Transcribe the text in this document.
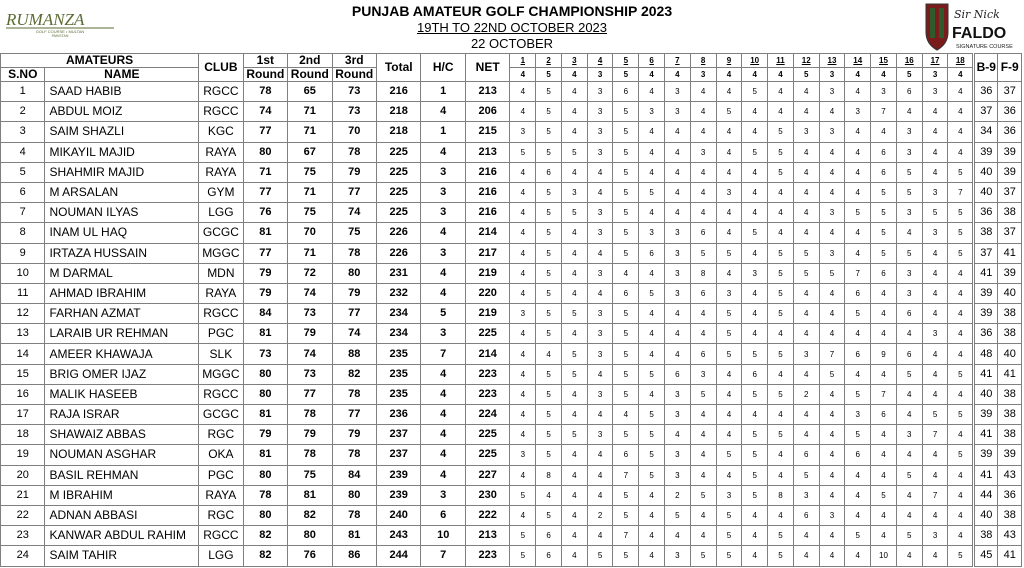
RUMANZA
GOLF COURSE • MULTAN
PAKISTAN
PUNJAB AMATEUR GOLF CHAMPIONSHIP 2023
19TH TO 22ND OCTOBER 2023
22 OCTOBER
Sir Nick
FALDO
SIGNATURE COURSE
AMATEURS		CLUB	1st	2nd	3rd	Total	H/C	NET	1	2	3	4	5	6	7	8	9	10	11	12	13	14	15	16	17	18	B-9	F-9
S.NO	NAME		Round	Round	Round				4	5	4	3	5	4	4	3	4	4	4	5	3	4	4	5	3	4		
1	SAAD HABIB	RGCC	78	65	73	216	1	213	4	5	4	3	6	4	3	4	4	5	4	4	3	4	3	6	3	4	36	37
2	ABDUL MOIZ	RGCC	74	71	73	218	4	206	4	5	4	3	5	3	3	4	5	4	4	4	4	3	7	4	4	4	37	36
3	SAIM SHAZLI	KGC	77	71	70	218	1	215	3	5	4	3	5	4	4	4	4	4	5	3	3	4	4	3	4	4	34	36
4	MIKAYIL MAJID	RAYA	80	67	78	225	4	213	5	5	5	3	5	4	4	3	4	5	5	4	4	4	6	3	4	4	39	39
5	SHAHMIR MAJID	RAYA	71	75	79	225	3	216	4	6	4	4	5	4	4	4	4	4	5	4	4	4	6	5	4	5	40	39
6	M ARSALAN	GYM	77	71	77	225	3	216	4	5	3	4	5	5	4	4	3	4	4	4	4	4	5	5	3	7	40	37
7	NOUMAN ILYAS	LGG	76	75	74	225	3	216	4	5	5	3	5	4	4	4	4	4	4	4	3	5	5	3	5	5	36	38
8	INAM UL HAQ	GCGC	81	70	75	226	4	214	4	5	4	3	5	3	3	6	4	5	4	4	4	4	5	4	3	5	38	37
9	IRTAZA HUSSAIN	MGGC	77	71	78	226	3	217	4	5	4	4	5	6	3	5	5	4	5	5	3	4	5	5	4	5	37	41
10	M DARMAL	MDN	79	72	80	231	4	219	4	5	4	3	4	4	3	8	4	3	5	5	5	7	6	3	4	4	41	39
11	AHMAD IBRAHIM	RAYA	79	74	79	232	4	220	4	5	4	4	6	5	3	6	3	4	5	4	4	6	4	3	4	4	39	40
12	FARHAN AZMAT	RGCC	84	73	77	234	5	219	3	5	5	3	5	4	4	4	5	4	5	4	4	5	4	6	4	4	39	38
13	LARAIB UR REHMAN	PGC	81	79	74	234	3	225	4	5	4	3	5	4	4	4	5	4	4	4	4	4	4	4	3	4	36	38
14	AMEER KHAWAJA	SLK	73	74	88	235	7	214	4	4	5	3	5	4	4	6	5	5	5	3	7	6	9	6	4	4	48	40
15	BRIG OMER IJAZ	MGGC	80	73	82	235	4	223	4	5	5	4	5	5	6	3	4	6	4	4	5	4	4	5	4	5	41	41
16	MALIK HASEEB	RGCC	80	77	78	235	4	223	4	5	4	3	5	4	3	5	4	5	5	2	4	5	7	4	4	4	40	38
17	RAJA ISRAR	GCGC	81	78	77	236	4	224	4	5	4	4	4	5	3	4	4	4	4	4	4	3	6	4	5	5	39	38
18	SHAWAIZ ABBAS	RGC	79	79	79	237	4	225	4	5	5	3	5	5	4	4	4	5	5	4	4	5	4	3	7	4	41	38
19	NOUMAN ASGHAR	OKA	81	78	78	237	4	225	3	5	4	4	6	5	3	4	5	5	4	6	4	6	4	4	4	5	39	39
20	BASIL REHMAN	PGC	80	75	84	239	4	227	4	8	4	4	7	5	3	4	4	5	4	5	4	4	4	5	4	4	41	43
21	M IBRAHIM	RAYA	78	81	80	239	3	230	5	4	4	4	5	4	2	5	3	5	8	3	4	4	5	4	7	4	44	36
22	ADNAN ABBASI	RGC	80	82	78	240	6	222	4	5	4	2	5	4	5	4	5	4	4	6	3	4	4	4	4	4	40	38
23	KANWAR ABDUL RAHIM	RGCC	82	80	81	243	10	213	5	6	4	4	7	4	4	4	5	4	5	4	4	5	4	5	3	4	38	43
24	SAIM TAHIR	LGG	82	76	86	244	7	223	5	6	4	5	5	4	3	5	5	4	5	4	4	4	10	4	4	5	45	41
